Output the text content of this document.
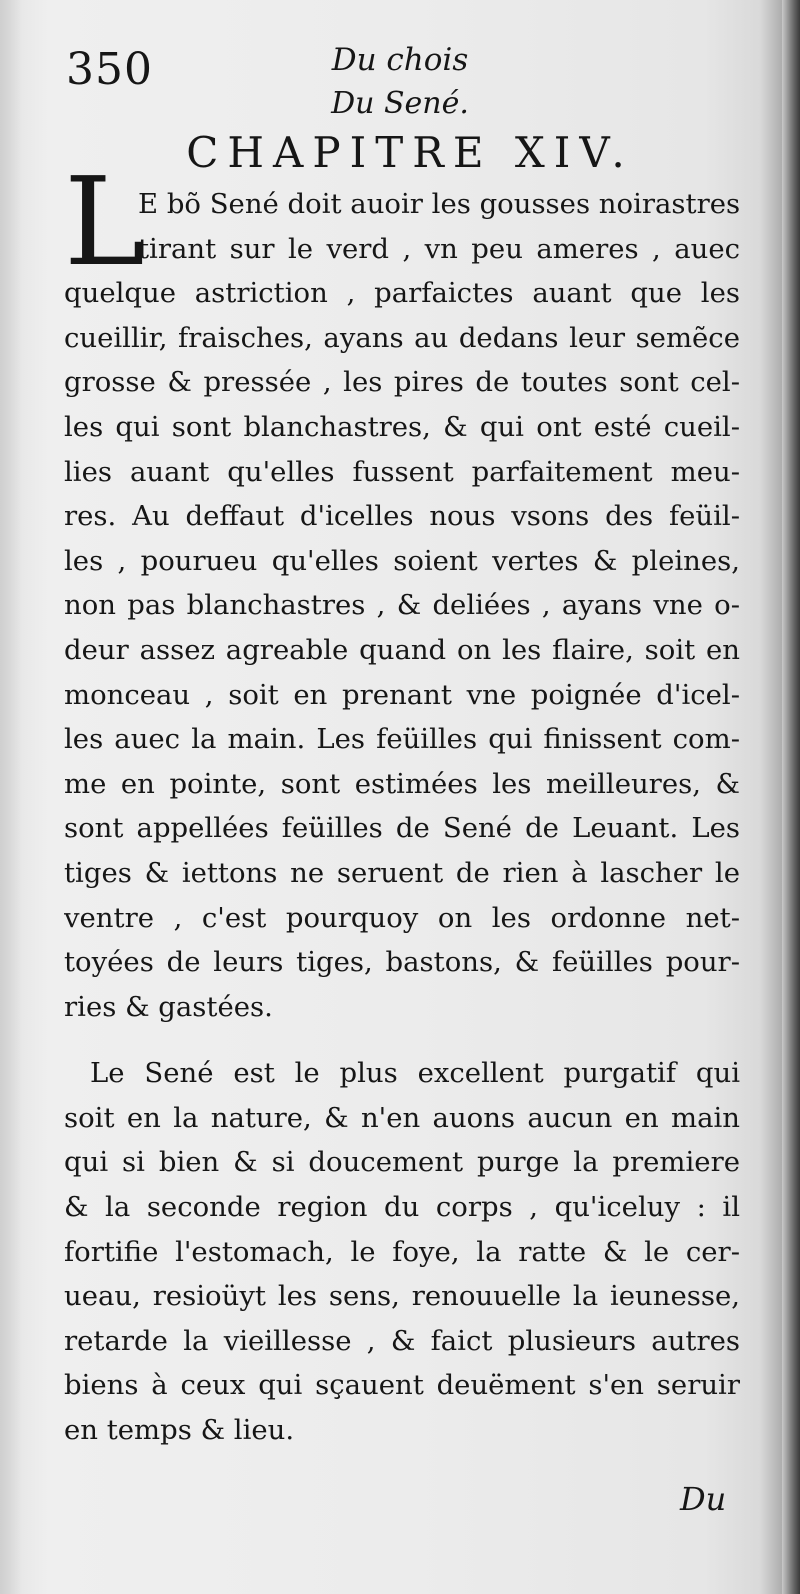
350	Du chois
Du Sené.
CHAPITRE XIV.
L
E bõ Sené doit auoir les gousses noirastres
tirant sur le verd , vn peu ameres , auec
quelque astriction , parfaictes auant que les
cueillir, fraisches, ayans au dedans leur semẽce
grosse & pressée , les pires de toutes sont cel-
les qui sont blanchastres, & qui ont esté cueil-
lies auant qu'elles fussent parfaitement meu-
res. Au deffaut d'icelles nous vsons des feüil-
les , pourueu qu'elles soient vertes & pleines,
non pas blanchastres , & deliées , ayans vne o-
deur assez agreable quand on les flaire, soit en
monceau , soit en prenant vne poignée d'icel-
les auec la main. Les feüilles qui finissent com-
me en pointe, sont estimées les meilleures, &
sont appellées feüilles de Sené de Leuant. Les
tiges & iettons ne seruent de rien à lascher le
ventre , c'est pourquoy on les ordonne net-
toyées de leurs tiges, bastons, & feüilles pour-
ries & gastées.
Le Sené est le plus excellent purgatif qui
soit en la nature, & n'en auons aucun en main
qui si bien & si doucement purge la premiere
& la seconde region du corps , qu'iceluy : il
fortifie l'estomach, le foye, la ratte & le cer-
ueau, resioüyt les sens, renouuelle la ieunesse,
retarde la vieillesse , & faict plusieurs autres
biens à ceux qui sçauent deuëment s'en seruir
en temps & lieu.
Du
